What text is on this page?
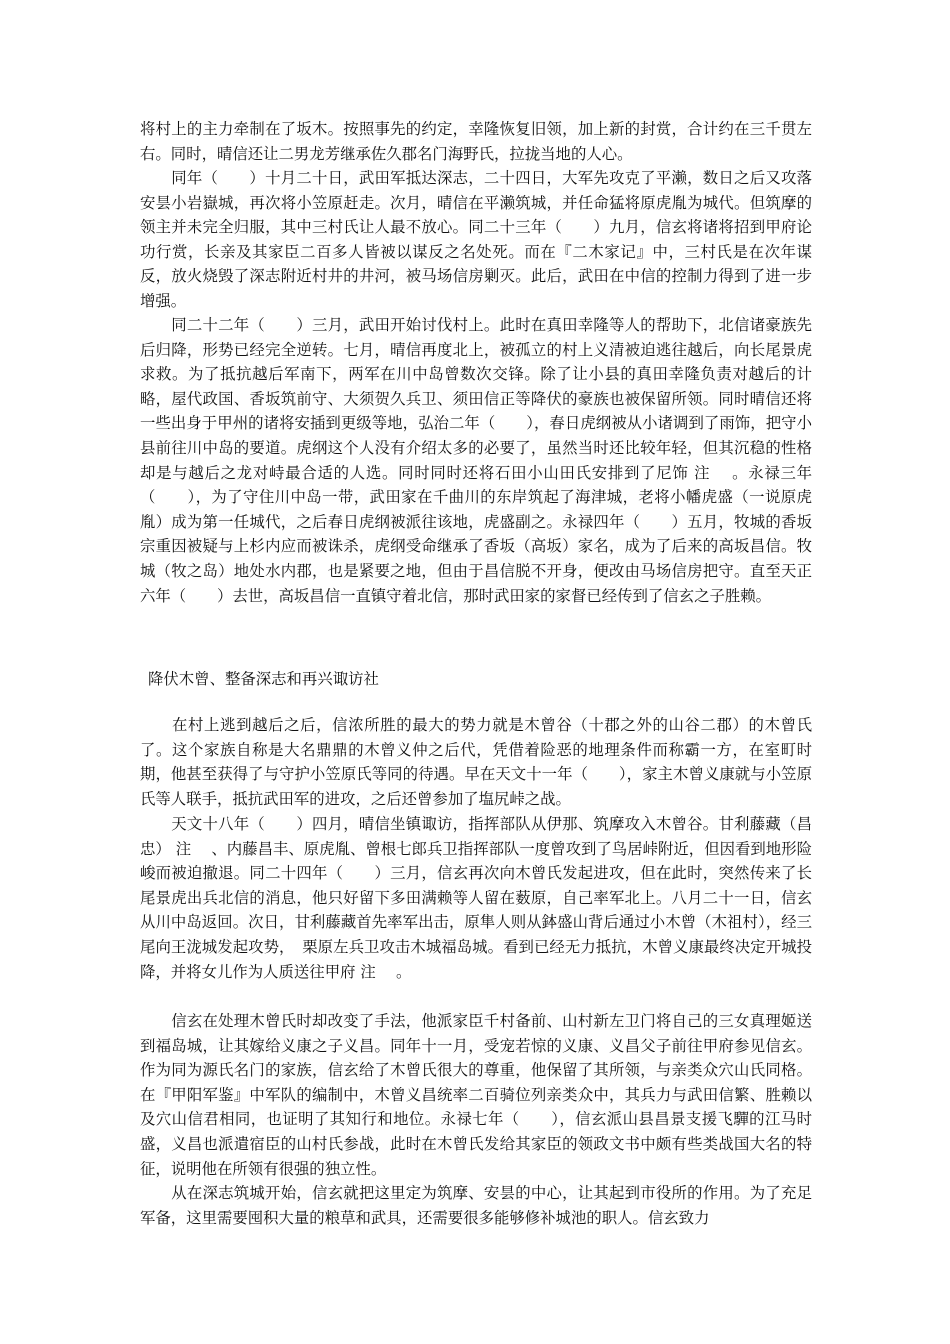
将村上的主力牵制在了坂木。按照事先的约定，幸隆恢复旧领，加上新的封赏，合计约在三千贯左右。同时，晴信还让二男龙芳继承佐久郡名门海野氏，拉拢当地的人心。

　　同年（　　）十月二十日，武田军抵达深志，二十四日，大军先攻克了平濑，数日之后又攻落安昙小岩嶽城，再次将小笠原赶走。次月，晴信在平濑筑城，并任命猛将原虎胤为城代。但筑摩的领主并未完全归服，其中三村氏让人最不放心。同二十三年（　　）九月，信玄将诸将招到甲府论功行赏，长亲及其家臣二百多人皆被以谋反之名处死。而在『二木家记』中，三村氏是在次年谋反，放火烧毁了深志附近村井的井河，被马场信房剿灭。此后，武田在中信的控制力得到了进一步增强。

　　同二十二年（　　）三月，武田开始讨伐村上。此时在真田幸隆等人的帮助下，北信诸豪族先后归降，形势已经完全逆转。七月，晴信再度北上，被孤立的村上义清被迫逃往越后，向长尾景虎求救。为了抵抗越后军南下，两军在川中岛曾数次交锋。除了让小县的真田幸隆负责对越后的计略，屋代政国、香坂筑前守、大须贺久兵卫、须田信正等降伏的豪族也被保留所领。同时晴信还将一些出身于甲州的诸将安插到更级等地，弘治二年（　　），春日虎纲被从小诸调到了雨饰，把守小县前往川中岛的要道。虎纲这个人没有介绍太多的必要了，虽然当时还比较年轻，但其沉稳的性格却是与越后之龙对峙最合适的人选。同时同时还将石田小山田氏安排到了尼饰 注　 。永禄三年（　　），为了守住川中岛一带，武田家在千曲川的东岸筑起了海津城，老将小幡虎盛（一说原虎胤）成为第一任城代，之后春日虎纲被派往该地，虎盛副之。永禄四年（　　）五月，牧城的香坂宗重因被疑与上杉内应而被诛杀，虎纲受命继承了香坂（高坂）家名，成为了后来的高坂昌信。牧城（牧之岛）地处水内郡，也是紧要之地，但由于昌信脱不开身，便改由马场信房把守。直至天正六年（　　）去世，高坂昌信一直镇守着北信，那时武田家的家督已经传到了信玄之子胜赖。

降伏木曾、整备深志和再兴诹访社

　　在村上逃到越后之后，信浓所胜的最大的势力就是木曾谷（十郡之外的山谷二郡）的木曾氏了。这个家族自称是大名鼎鼎的木曾义仲之后代，凭借着险恶的地理条件而称霸一方，在室町时期，他甚至获得了与守护小笠原氏等同的待遇。早在天文十一年（　　），家主木曾义康就与小笠原氏等人联手，抵抗武田军的进攻，之后还曾参加了塩尻峠之战。

　　天文十八年（　　）四月，晴信坐镇诹访，指挥部队从伊那、筑摩攻入木曾谷。甘利藤藏（昌忠） 注　 、内藤昌丰、原虎胤、曾根七郎兵卫指挥部队一度曾攻到了鸟居峠附近，但因看到地形险峻而被迫撤退。同二十四年（　　）三月，信玄再次向木曾氏发起进攻，但在此时，突然传来了长尾景虎出兵北信的消息，他只好留下多田满赖等人留在薮原，自己率军北上。八月二十一日，信玄从川中岛返回。次日，甘利藤藏首先率军出击，原隼人则从鉢盛山背后通过小木曾（木祖村），经三尾向王泷城发起攻势，　栗原左兵卫攻击木城福岛城。看到已经无力抵抗，木曾义康最终决定开城投降，并将女儿作为人质送往甲府 注　 。

　　信玄在处理木曾氏时却改变了手法，他派家臣千村备前、山村新左卫门将自己的三女真理姬送到福岛城，让其嫁给义康之子义昌。同年十一月，受宠若惊的义康、义昌父子前往甲府参见信玄。作为同为源氏名门的家族，信玄给了木曾氏很大的尊重，他保留了其所领，与亲类众穴山氏同格。在『甲阳军鉴』中军队的编制中，木曾义昌统率二百骑位列亲类众中，其兵力与武田信繁、胜赖以及穴山信君相同，也证明了其知行和地位。永禄七年（　　），信玄派山县昌景支援飞驒的江马时盛，义昌也派遣宿臣的山村氏参战，此时在木曾氏发给其家臣的领政文书中颇有些类战国大名的特征，说明他在所领有很强的独立性。

　　从在深志筑城开始，信玄就把这里定为筑摩、安昙的中心，让其起到市役所的作用。为了充足军备，这里需要囤积大量的粮草和武具，还需要很多能够修补城池的职人。信玄致力
